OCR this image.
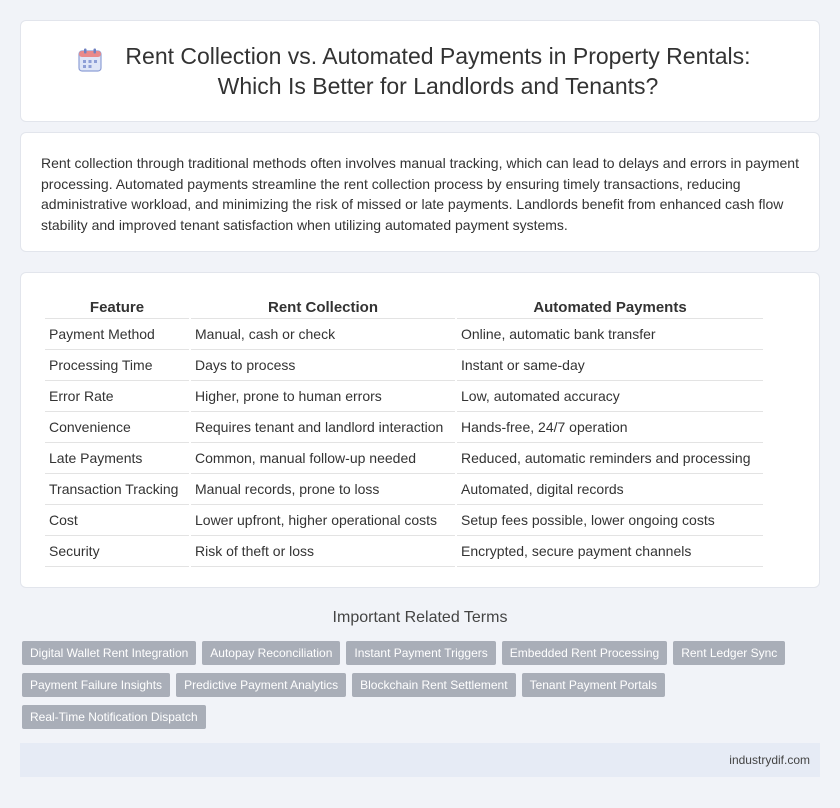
Rent Collection vs. Automated Payments in Property Rentals: Which Is Better for Landlords and Tenants?

Rent collection through traditional methods often involves manual tracking, which can lead to delays and errors in payment processing. Automated payments streamline the rent collection process by ensuring timely transactions, reducing administrative workload, and minimizing the risk of missed or late payments. Landlords benefit from enhanced cash flow stability and improved tenant satisfaction when utilizing automated payment systems.

Feature	Rent Collection	Automated Payments
Payment Method	Manual, cash or check	Online, automatic bank transfer
Processing Time	Days to process	Instant or same-day
Error Rate	Higher, prone to human errors	Low, automated accuracy
Convenience	Requires tenant and landlord interaction	Hands-free, 24/7 operation
Late Payments	Common, manual follow-up needed	Reduced, automatic reminders and processing
Transaction Tracking	Manual records, prone to loss	Automated, digital records
Cost	Lower upfront, higher operational costs	Setup fees possible, lower ongoing costs
Security	Risk of theft or loss	Encrypted, secure payment channels
Important Related Terms
Digital Wallet Rent Integration	Autopay Reconciliation	Instant Payment Triggers	Embedded Rent Processing	Rent Ledger Sync
Payment Failure Insights	Predictive Payment Analytics	Blockchain Rent Settlement	Tenant Payment Portals
Real-Time Notification Dispatch
industrydif.com
